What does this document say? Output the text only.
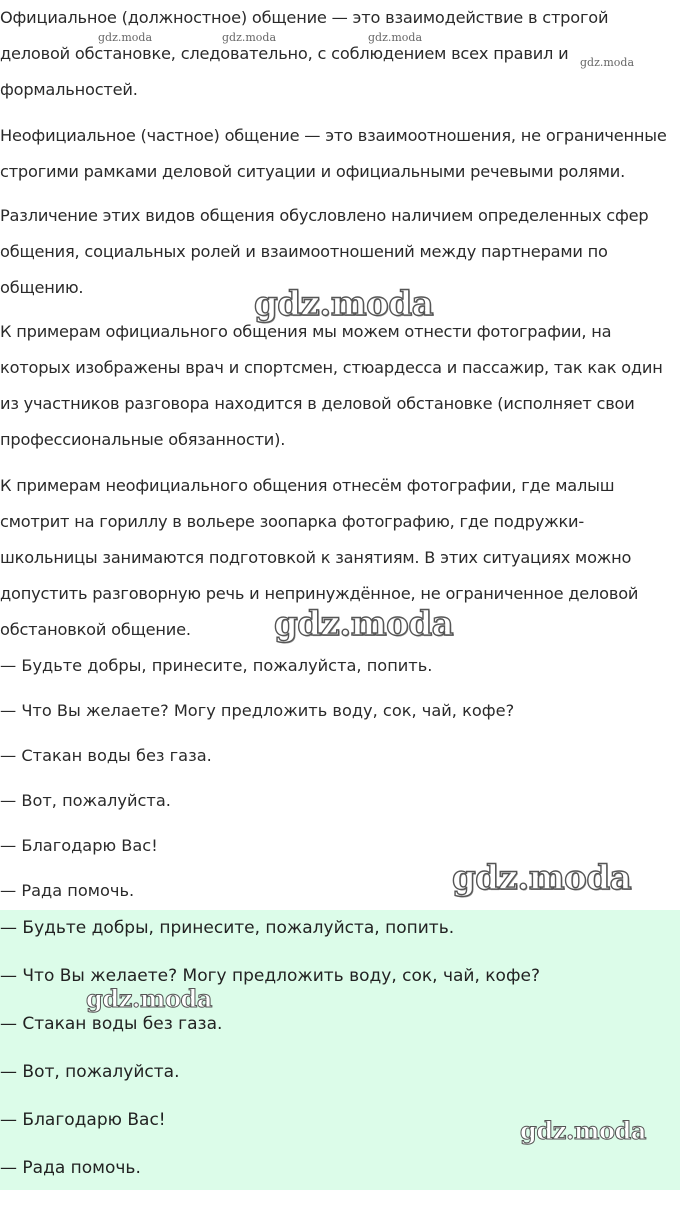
Официальное (должностное) общение — это взаимодействие в строгой деловой обстановке, следовательно, с соблюдением всех правил и формальностей.

Неофициальное (частное) общение — это взаимоотношения, не ограниченные строгими рамками деловой ситуации и официальными речевыми ролями.

Различение этих видов общения обусловлено наличием определенных сфер общения, социальных ролей и взаимоотношений между партнерами по общению.

К примерам официального общения мы можем отнести фотографии, на которых изображены врач и спортсмен, стюардесса и пассажир, так как один из участников разговора находится в деловой обстановке (исполняет свои профессиональные обязанности).

К примерам неофициального общения отнесём фотографии, где малыш смотрит на гориллу в вольере зоопарка фотографию, где подружки-школьницы занимаются подготовкой к занятиям. В этих ситуациях можно допустить разговорную речь и непринуждённое, не ограниченное деловой обстановкой общение.

— Будьте добры, принесите, пожалуйста, попить.

— Что Вы желаете? Могу предложить воду, сок, чай, кофе?

— Стакан воды без газа.

— Вот, пожалуйста.

— Благодарю Вас!

— Рада помочь.

— Будьте добры, принесите, пожалуйста, попить.

— Что Вы желаете? Могу предложить воду, сок, чай, кофе?

— Стакан воды без газа.

— Вот, пожалуйста.

— Благодарю Вас!

— Рада помочь.

gdz.moda	gdz.moda	gdz.moda
gdz.moda
gdz.moda
gdz.moda
gdz.moda
gdz.moda
gdz.moda
